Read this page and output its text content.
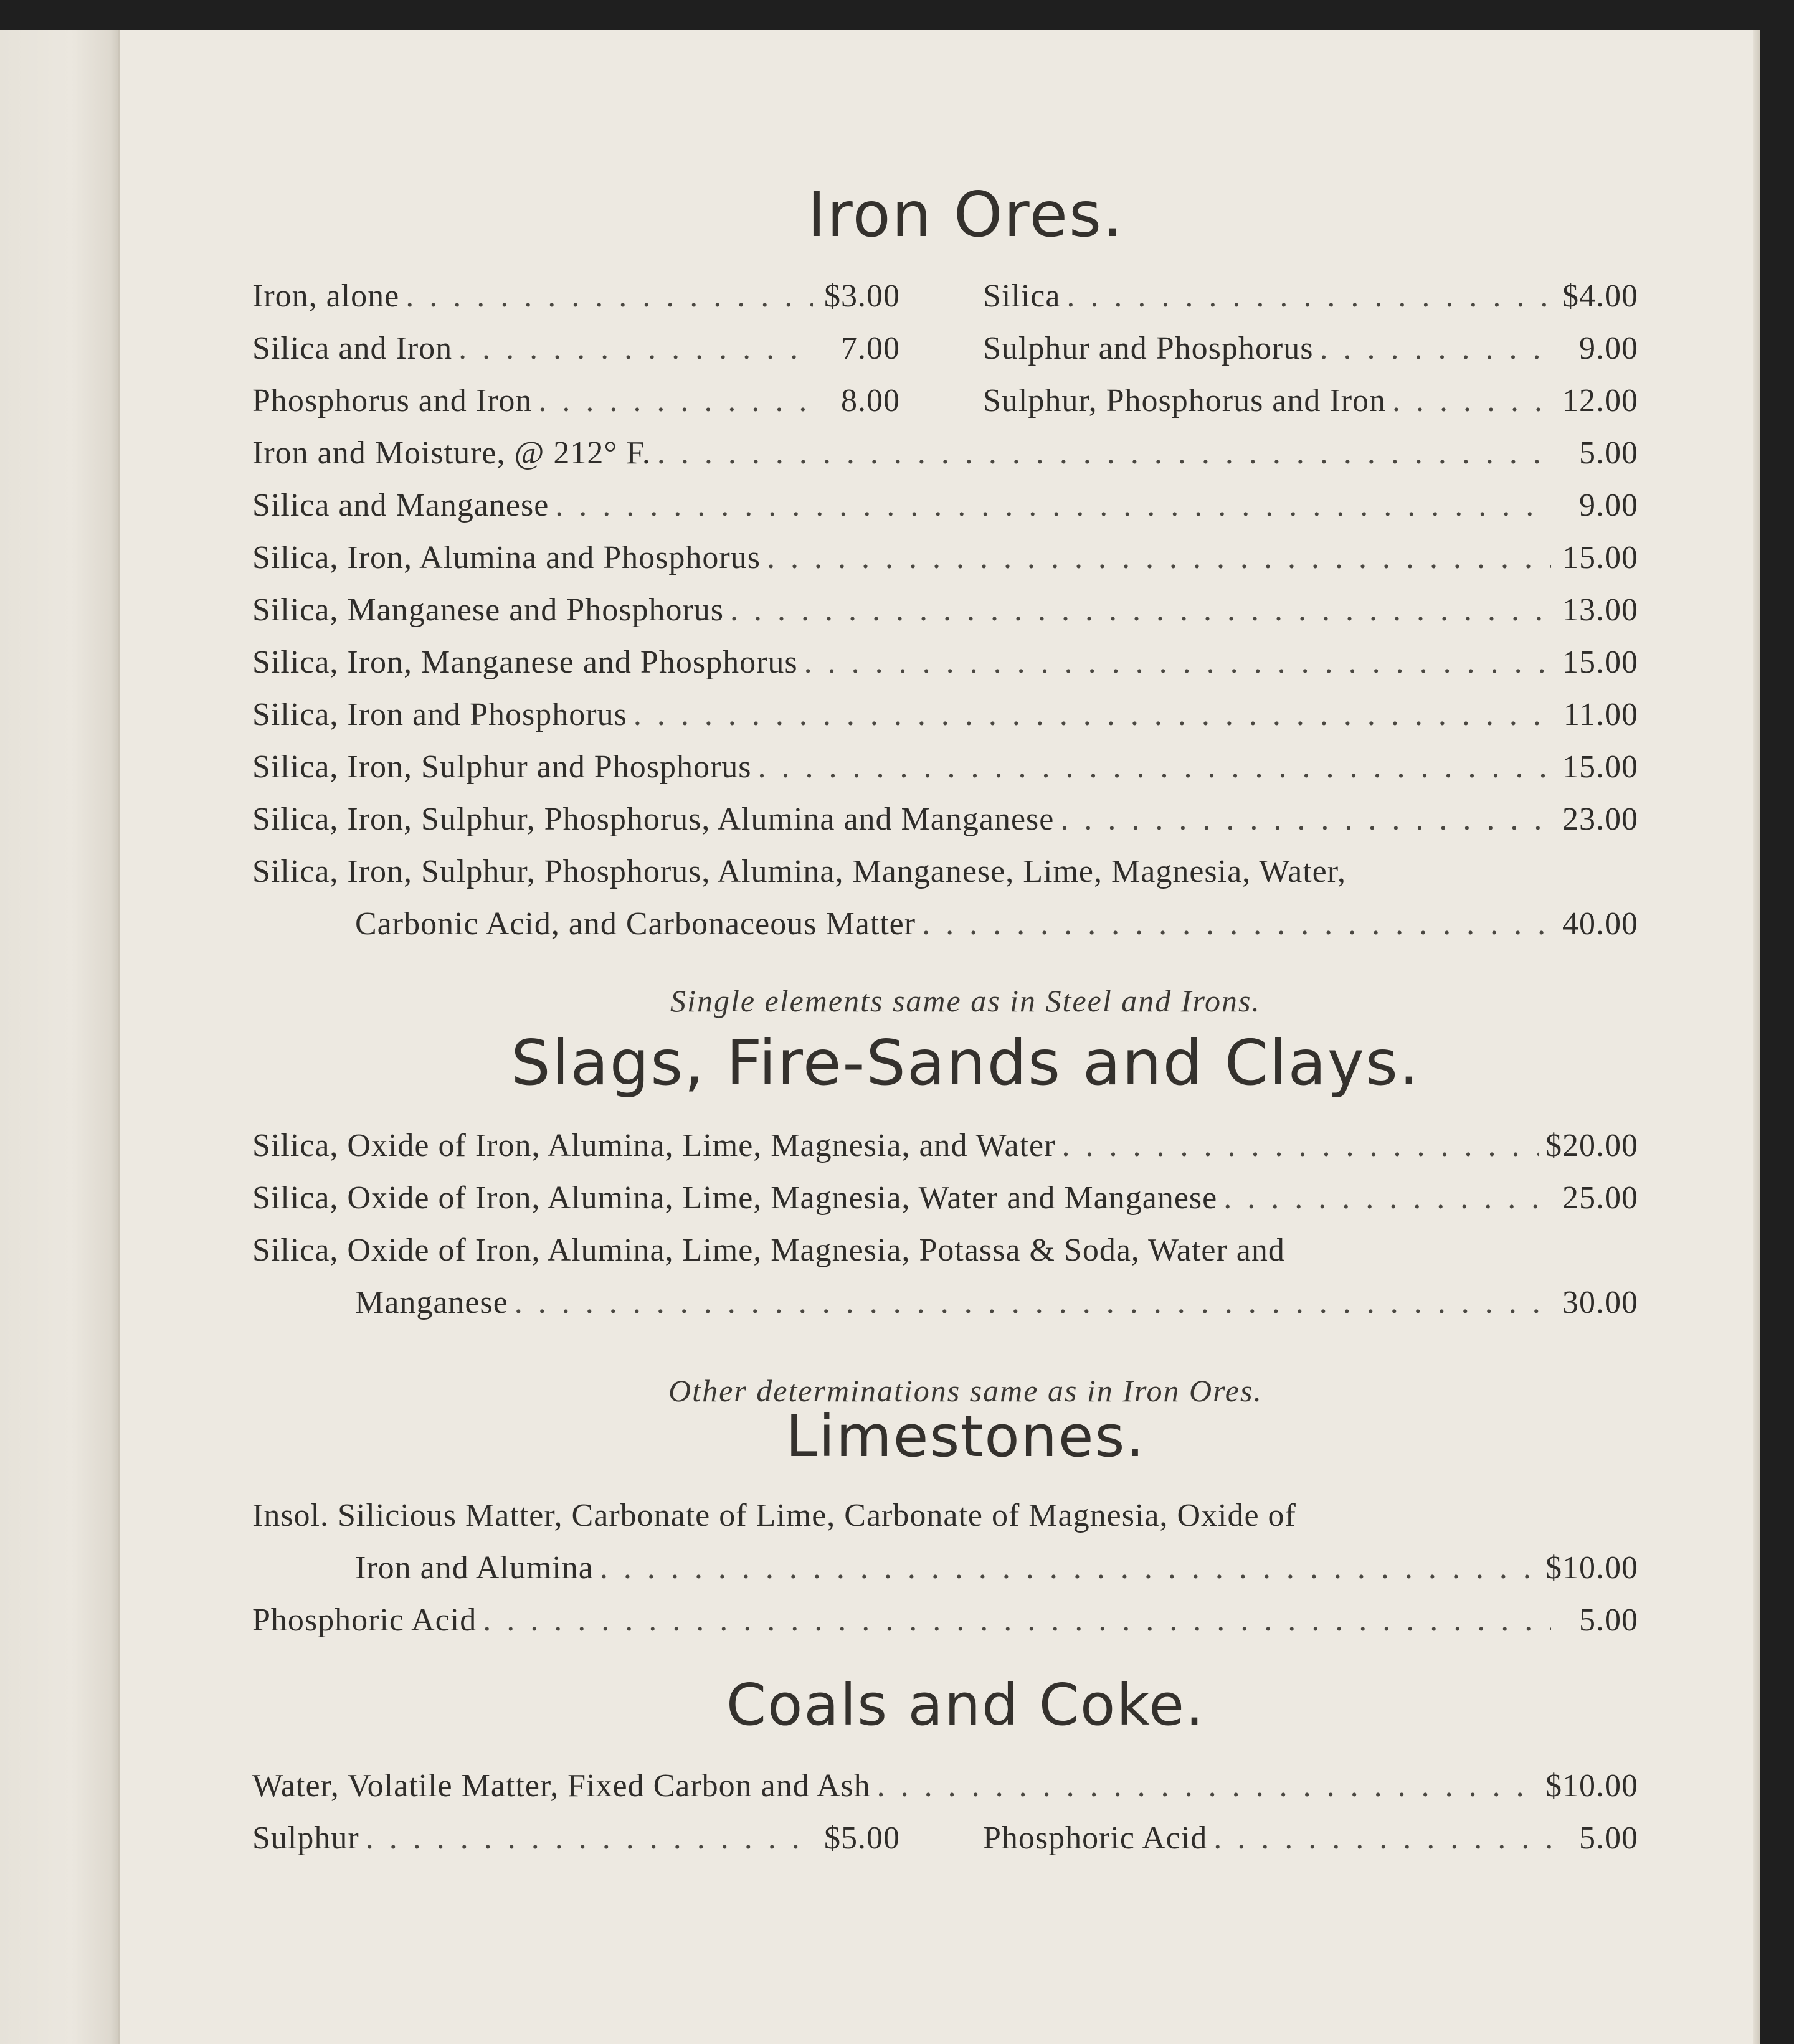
Iron Ores.
Iron, alone . . .	$3.00	Silica . . .	$4.00
Silica and Iron . . .	7.00	Sulphur and Phosphorus . . .	9.00
Phosphorus and Iron . . .	8.00	Sulphur, Phosphorus and Iron . . .	12.00
Iron and Moisture, @ 212° F. . . .	5.00
Silica and Manganese . . .	9.00
Silica, Iron, Alumina and Phosphorus . . .	15.00
Silica, Manganese and Phosphorus . . .	13.00
Silica, Iron, Manganese and Phosphorus . . .	15.00
Silica, Iron and Phosphorus . . .	11.00
Silica, Iron, Sulphur and Phosphorus . . .	15.00
Silica, Iron, Sulphur, Phosphorus, Alumina and Manganese . . .	23.00
Silica, Iron, Sulphur, Phosphorus, Alumina, Manganese, Lime, Magnesia, Water,
Carbonic Acid, and Carbonaceous Matter . . .	40.00
Single elements same as in Steel and Irons.
Slags, Fire-Sands and Clays.
Silica, Oxide of Iron, Alumina, Lime, Magnesia, and Water . . .	$20.00
Silica, Oxide of Iron, Alumina, Lime, Magnesia, Water and Manganese . . .	25.00
Silica, Oxide of Iron, Alumina, Lime, Magnesia, Potassa & Soda, Water and
Manganese . . .	30.00
Other determinations same as in Iron Ores.
Limestones.
Insol. Silicious Matter, Carbonate of Lime, Carbonate of Magnesia, Oxide of
Iron and Alumina . . .	$10.00
Phosphoric Acid . . .	5.00
Coals and Coke.
Water, Volatile Matter, Fixed Carbon and Ash . . .	$10.00
Sulphur . . .	$5.00	Phosphoric Acid . . .	5.00
